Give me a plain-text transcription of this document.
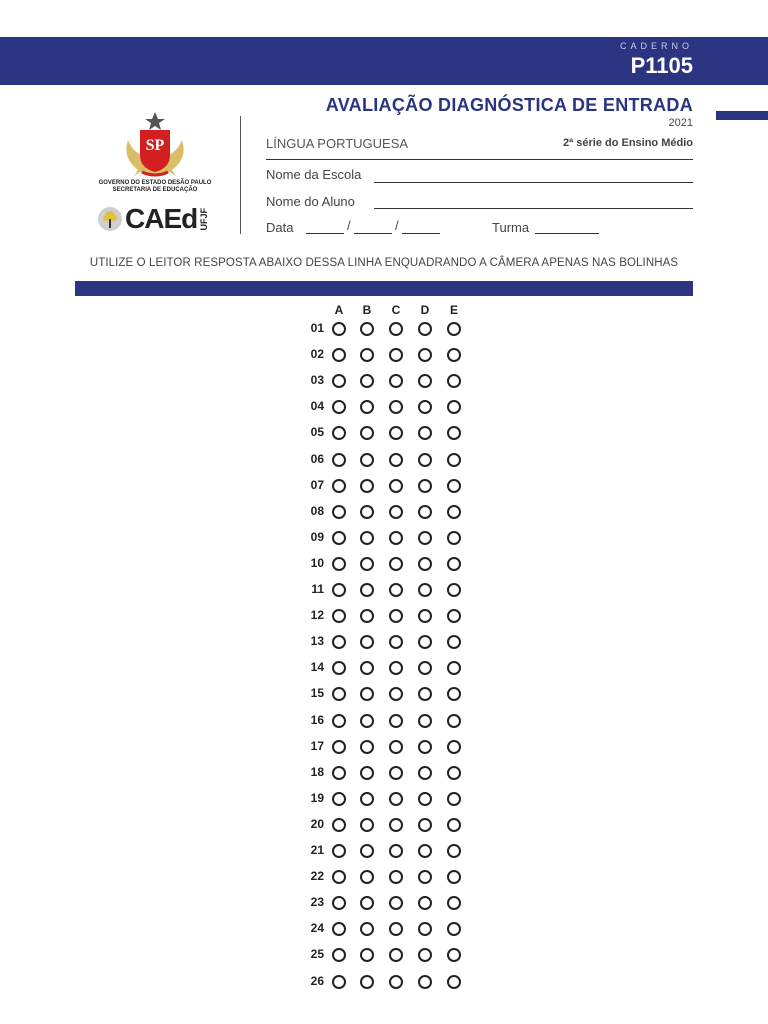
CADERNO
P1105
SP
GOVERNO DO ESTADO DESÃO PAULO
SECRETARIA DE EDUCAÇÃO
CAEd UFJF
AVALIAÇÃO DIAGNÓSTICA DE ENTRADA
2021
LÍNGUA PORTUGUESA	2ª série do Ensino Médio
Nome da Escola
Nome do Aluno
Data	/	/	Turma
UTILIZE O LEITOR RESPOSTA ABAIXO DESSA LINHA ENQUADRANDO A CÂMERA APENAS NAS BOLINHAS
A	B	C	D	E
01
02
03
04
05
06
07
08
09
10
11
12
13
14
15
16
17
18
19
20
21
22
23
24
25
26
